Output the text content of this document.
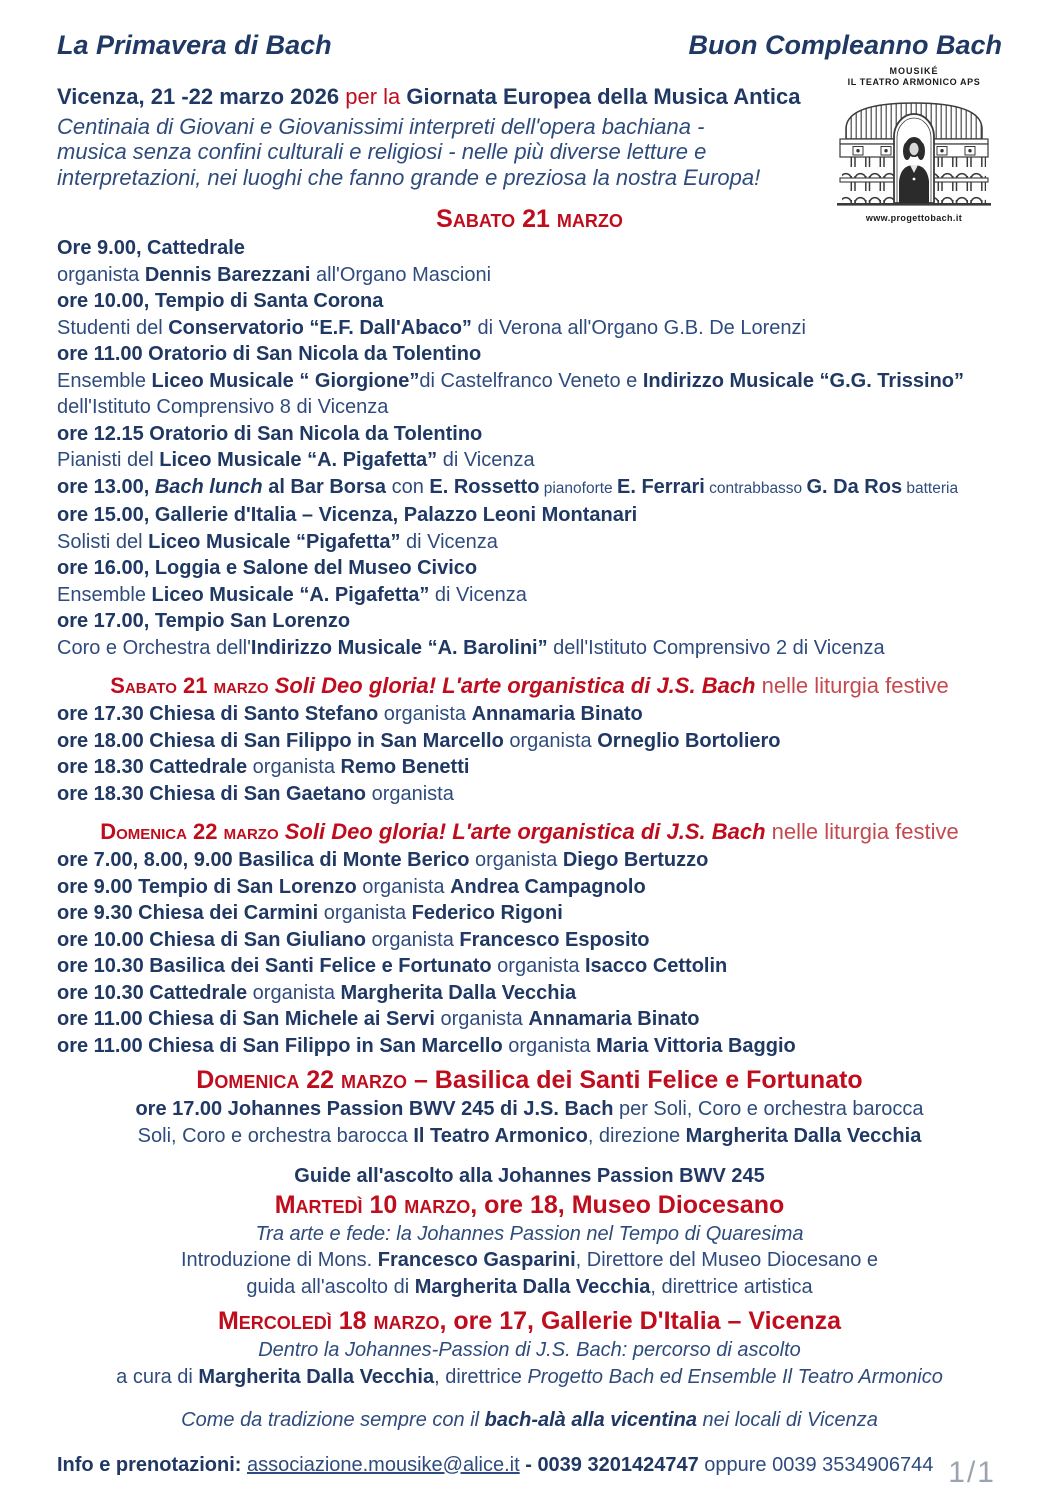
La Primavera di Bach	Buon Compleanno Bach
Vicenza, 21 -22 marzo 2026 per la Giornata Europea della Musica Antica
Centinaia di Giovani e Giovanissimi interpreti dell'opera bachiana -
musica senza confini culturali e religiosi - nelle più diverse letture e
interpretazioni, nei luoghi che fanno grande e preziosa la nostra Europa!
MOUSIKÉ
IL TEATRO ARMONICO APS
www.progettobach.it
Sabato 21 marzo
Ore 9.00, Cattedrale
organista Dennis Barezzani all'Organo Mascioni
ore 10.00, Tempio di Santa Corona
Studenti del Conservatorio “E.F. Dall'Abaco” di Verona all'Organo G.B. De Lorenzi
ore 11.00 Oratorio di San Nicola da Tolentino
Ensemble Liceo Musicale “ Giorgione”di Castelfranco Veneto e Indirizzo Musicale “G.G. Trissino”
dell'Istituto Comprensivo 8 di Vicenza
ore 12.15 Oratorio di San Nicola da Tolentino
Pianisti del Liceo Musicale “A. Pigafetta” di Vicenza
ore 13.00, Bach lunch al Bar Borsa con E. Rossetto pianoforte E. Ferrari contrabbasso G. Da Ros batteria
ore 15.00, Gallerie d'Italia – Vicenza, Palazzo Leoni Montanari
Solisti del Liceo Musicale “Pigafetta” di Vicenza
ore 16.00, Loggia e Salone del Museo Civico
Ensemble Liceo Musicale “A. Pigafetta” di Vicenza
ore 17.00, Tempio San Lorenzo
Coro e Orchestra dell'Indirizzo Musicale “A. Barolini” dell'Istituto Comprensivo 2 di Vicenza
Sabato 21 marzo Soli Deo gloria! L'arte organistica di J.S. Bach nelle liturgia festive
ore 17.30 Chiesa di Santo Stefano organista Annamaria Binato
ore 18.00 Chiesa di San Filippo in San Marcello organista Orneglio Bortoliero
ore 18.30 Cattedrale organista Remo Benetti
ore 18.30 Chiesa di San Gaetano organista
Domenica 22 marzo Soli Deo gloria! L'arte organistica di J.S. Bach nelle liturgia festive
ore 7.00, 8.00, 9.00 Basilica di Monte Berico organista Diego Bertuzzo
ore 9.00 Tempio di San Lorenzo organista Andrea Campagnolo
ore 9.30 Chiesa dei Carmini organista Federico Rigoni
ore 10.00 Chiesa di San Giuliano organista Francesco Esposito
ore 10.30 Basilica dei Santi Felice e Fortunato organista Isacco Cettolin
ore 10.30 Cattedrale organista Margherita Dalla Vecchia
ore 11.00 Chiesa di San Michele ai Servi organista Annamaria Binato
ore 11.00 Chiesa di San Filippo in San Marcello organista Maria Vittoria Baggio
Domenica 22 marzo – Basilica dei Santi Felice e Fortunato
ore 17.00 Johannes Passion BWV 245 di J.S. Bach per Soli, Coro e orchestra barocca
Soli, Coro e orchestra barocca Il Teatro Armonico, direzione Margherita Dalla Vecchia
Guide all'ascolto alla Johannes Passion BWV 245
Martedì 10 marzo, ore 18, Museo Diocesano
Tra arte e fede: la Johannes Passion nel Tempo di Quaresima
Introduzione di Mons. Francesco Gasparini, Direttore del Museo Diocesano e
guida all'ascolto di Margherita Dalla Vecchia, direttrice artistica
Mercoledì 18 marzo, ore 17, Gallerie D'Italia – Vicenza
Dentro la Johannes-Passion di J.S. Bach: percorso di ascolto
a cura di Margherita Dalla Vecchia, direttrice Progetto Bach ed Ensemble Il Teatro Armonico
Come da tradizione sempre con il bach-alà alla vicentina nei locali di Vicenza
Info e prenotazioni: associazione.mousike@alice.it - 0039 3201424747 oppure 0039 3534906744 1/1
